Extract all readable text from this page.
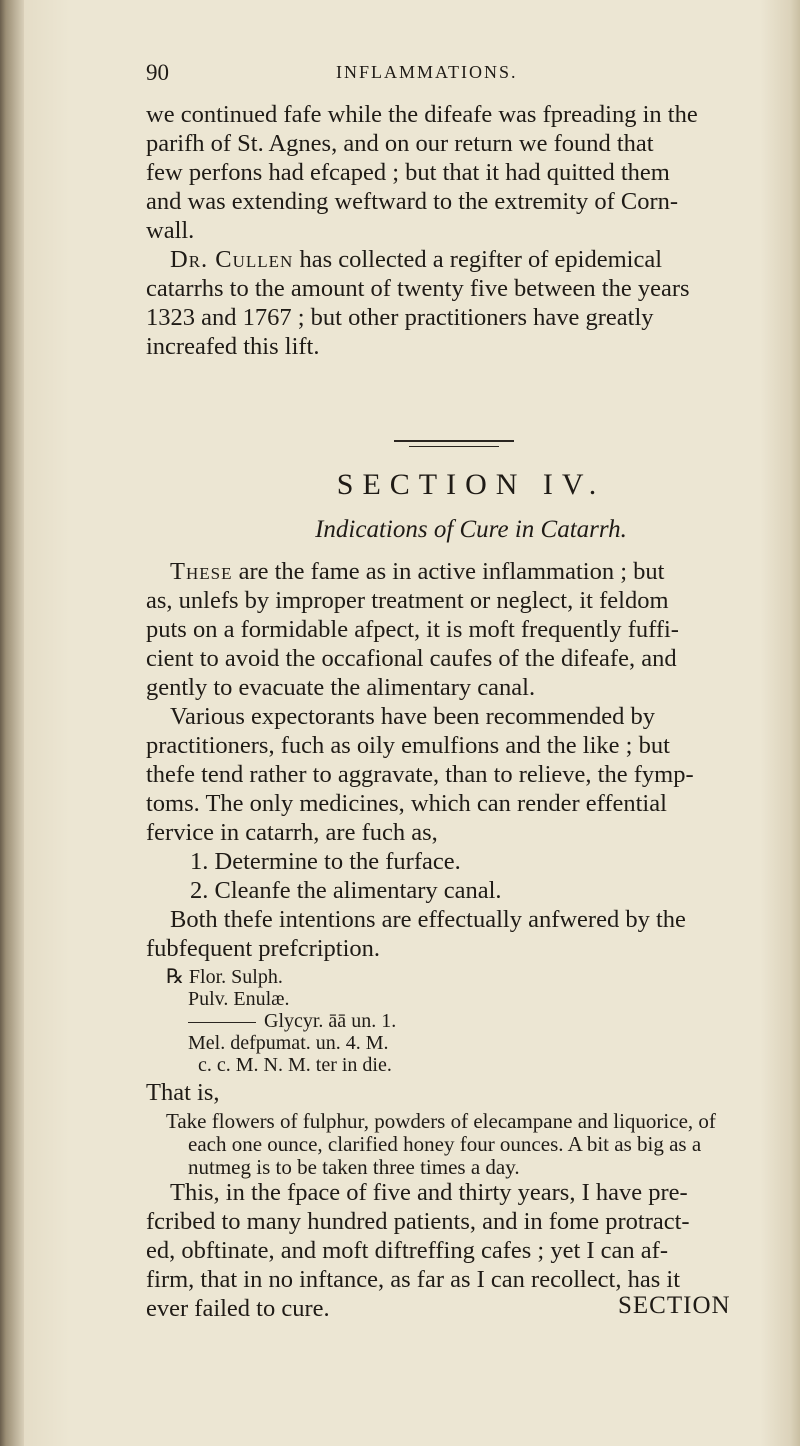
90	INFLAMMATIONS.
we continued fafe while the difeafe was fpreading in the
parifh of St. Agnes, and on our return we found that
few perfons had efcaped ; but that it had quitted them
and was extending weftward to the extremity of Corn-
wall.
Dr. Cullen has collected a regifter of epidemical
catarrhs to the amount of twenty five between the years
1323 and 1767 ; but other practitioners have greatly
increafed this lift.
SECTION IV.
Indications of Cure in Catarrh.
These are the fame as in active inflammation ; but
as, unlefs by improper treatment or neglect, it feldom
puts on a formidable afpect, it is moft frequently fuffi-
cient to avoid the occafional caufes of the difeafe, and
gently to evacuate the alimentary canal.
Various expectorants have been recommended by
practitioners, fuch as oily emulfions and the like ; but
thefe tend rather to aggravate, than to relieve, the fymp-
toms. The only medicines, which can render effential
fervice in catarrh, are fuch as,
1. Determine to the furface.
2. Cleanfe the alimentary canal.
Both thefe intentions are effectually anfwered by the
fubfequent prefcription.
℞ Flor. Sulph.
Pulv. Enulæ.
Glycyr. āā un. 1.
Mel. defpumat. un. 4. M.
c. c. M. N. M. ter in die.
That is,
Take flowers of fulphur, powders of elecampane and liquorice, of
each one ounce, clarified honey four ounces. A bit as big as a
nutmeg is to be taken three times a day.
This, in the fpace of five and thirty years, I have pre-
fcribed to many hundred patients, and in fome protract-
ed, obftinate, and moft diftreffing cafes ; yet I can af-
firm, that in no inftance, as far as I can recollect, has it
ever failed to cure.	SECTION
